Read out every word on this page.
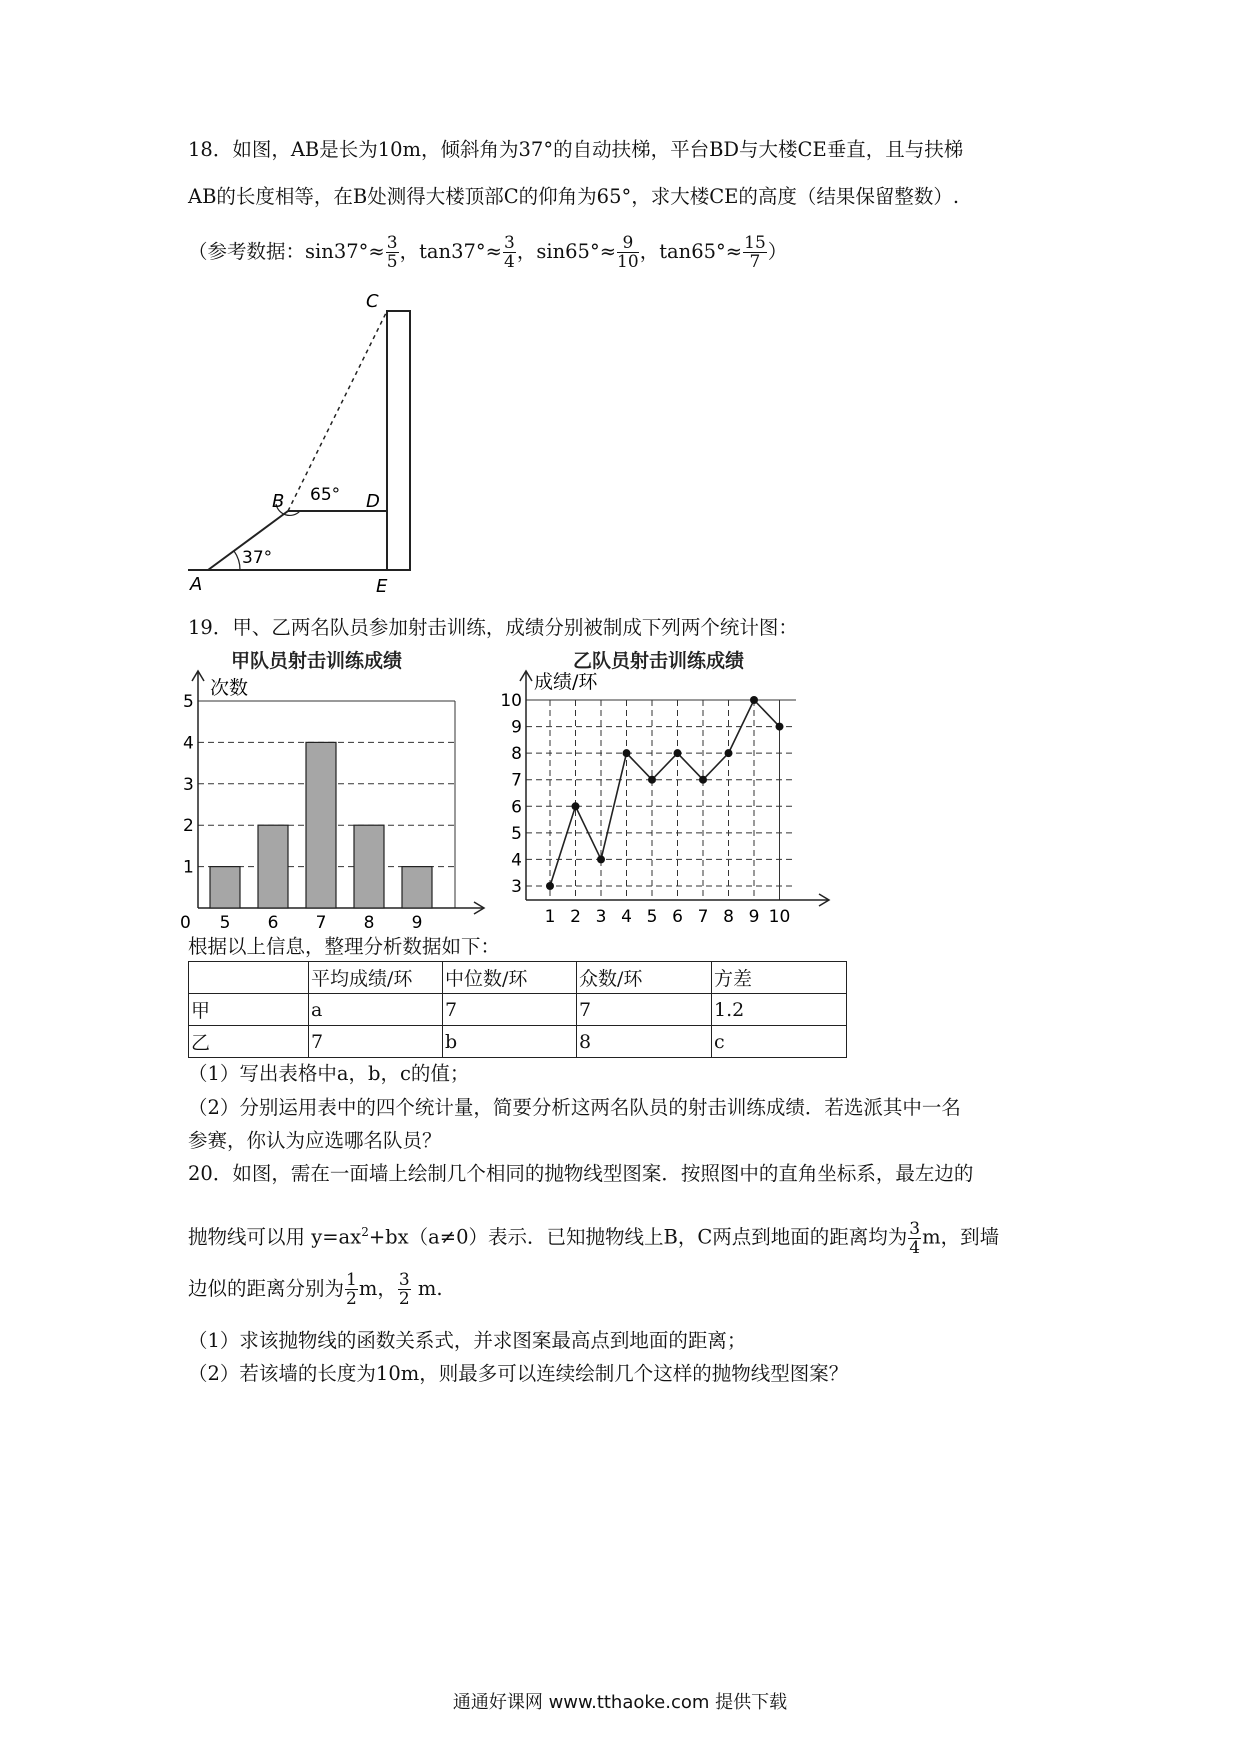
18．如图，AB是长为10m，倾斜角为37°的自动扶梯，平台BD与大楼CE垂直，且与扶梯
AB的长度相等，在B处测得大楼顶部C的仰角为65°，求大楼CE的高度（结果保留整数）.
（参考数据：$\sin 37^\circ\approx \frac{3}{5}$ ，$\tan 37^\circ\approx \frac{3}{4}$ ，$\sin 65^\circ\approx \frac{9}{10}$ ，$\tan 65^\circ\approx \frac{15}{7}$ ）
A
B
C
D
E
37°
65°
19．甲、乙两名队员参加射击训练，成绩分别被制成下列两个统计图：
甲队员射击训练成绩
次数
0
1
2
3
4
5
5 6 7 8 9
乙队员射击训练成绩
成绩/环
3
4
5
6
7
8
9
10
1 2 3 4 5 6 7 8 9 10
根据以上信息，整理分析数据如下：
	平均成绩/环	中位数/环	众数/环	方差
甲	a	7	7	1.2
乙	7	b	8	c
（1）写出表格中a，b，c的值；
（2）分别运用表中的四个统计量，简要分析这两名队员的射击训练成绩．若选派其中一名
参赛，你认为应选哪名队员？
20．如图，需在一面墙上绘制几个相同的抛物线型图案．按照图中的直角坐标系，最左边的
抛物线可以用 $y=ax^2+bx(a\ne 0)$表示．已知抛物线上B，C两点到地面的距离均为 $\frac{3}{4}$ m，到墙
边似的距离分别为 $\frac{1}{2}$ m， $\frac{3}{2} m$.
（1）求该抛物线的函数关系式，并求图案最高点到地面的距离；
（2）若该墙的长度为10m，则最多可以连续绘制几个这样的抛物线型图案？
通通好课网 www.tthaoke.com 提供下载
